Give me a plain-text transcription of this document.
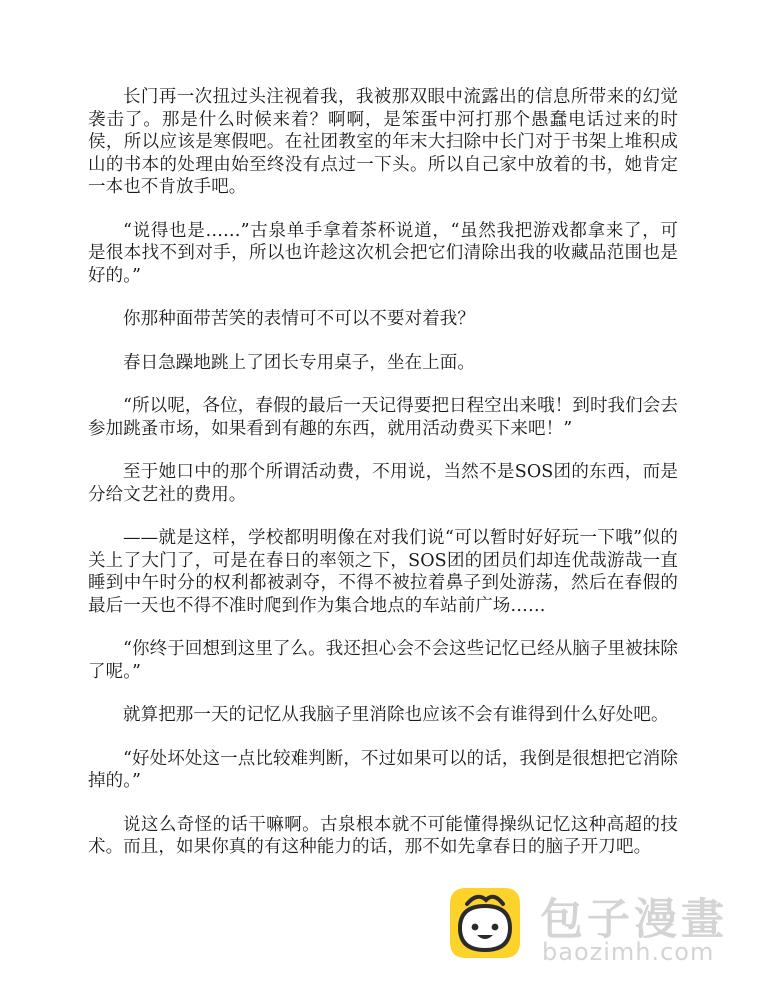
长门再一次扭过头注视着我，我被那双眼中流露出的信息所带来的幻觉袭击了。那是什么时候来着？啊啊，是笨蛋中河打那个愚蠢电话过来的时侯，所以应该是寒假吧。在社团教室的年末大扫除中长门对于书架上堆积成山的书本的处理由始至终没有点过一下头。所以自己家中放着的书，她肯定一本也不肯放手吧。

“说得也是……”古泉单手拿着茶杯说道，“虽然我把游戏都拿来了，可是很本找不到对手，所以也许趁这次机会把它们清除出我的收藏品范围也是好的。”

你那种面带苦笑的表情可不可以不要对着我？

春日急躁地跳上了团长专用桌子，坐在上面。

“所以呢，各位，春假的最后一天记得要把日程空出来哦！到时我们会去参加跳蚤市场，如果看到有趣的东西，就用活动费买下来吧！”

至于她口中的那个所谓活动费，不用说，当然不是SOS团的东西，而是分给文艺社的费用。

——就是这样，学校都明明像在对我们说“可以暂时好好玩一下哦”似的关上了大门了，可是在春日的率领之下，SOS团的团员们却连优哉游哉一直睡到中午时分的权利都被剥夺，不得不被拉着鼻子到处游荡，然后在春假的最后一天也不得不准时爬到作为集合地点的车站前广场……

“你终于回想到这里了么。我还担心会不会这些记忆已经从脑子里被抹除了呢。”

就算把那一天的记忆从我脑子里消除也应该不会有谁得到什么好处吧。

“好处坏处这一点比较难判断，不过如果可以的话，我倒是很想把它消除掉的。”

说这么奇怪的话干嘛啊。古泉根本就不可能懂得操纵记忆这种高超的技术。而且，如果你真的有这种能力的话，那不如先拿春日的脑子开刀吧。

包子漫畫
baozimh.com
